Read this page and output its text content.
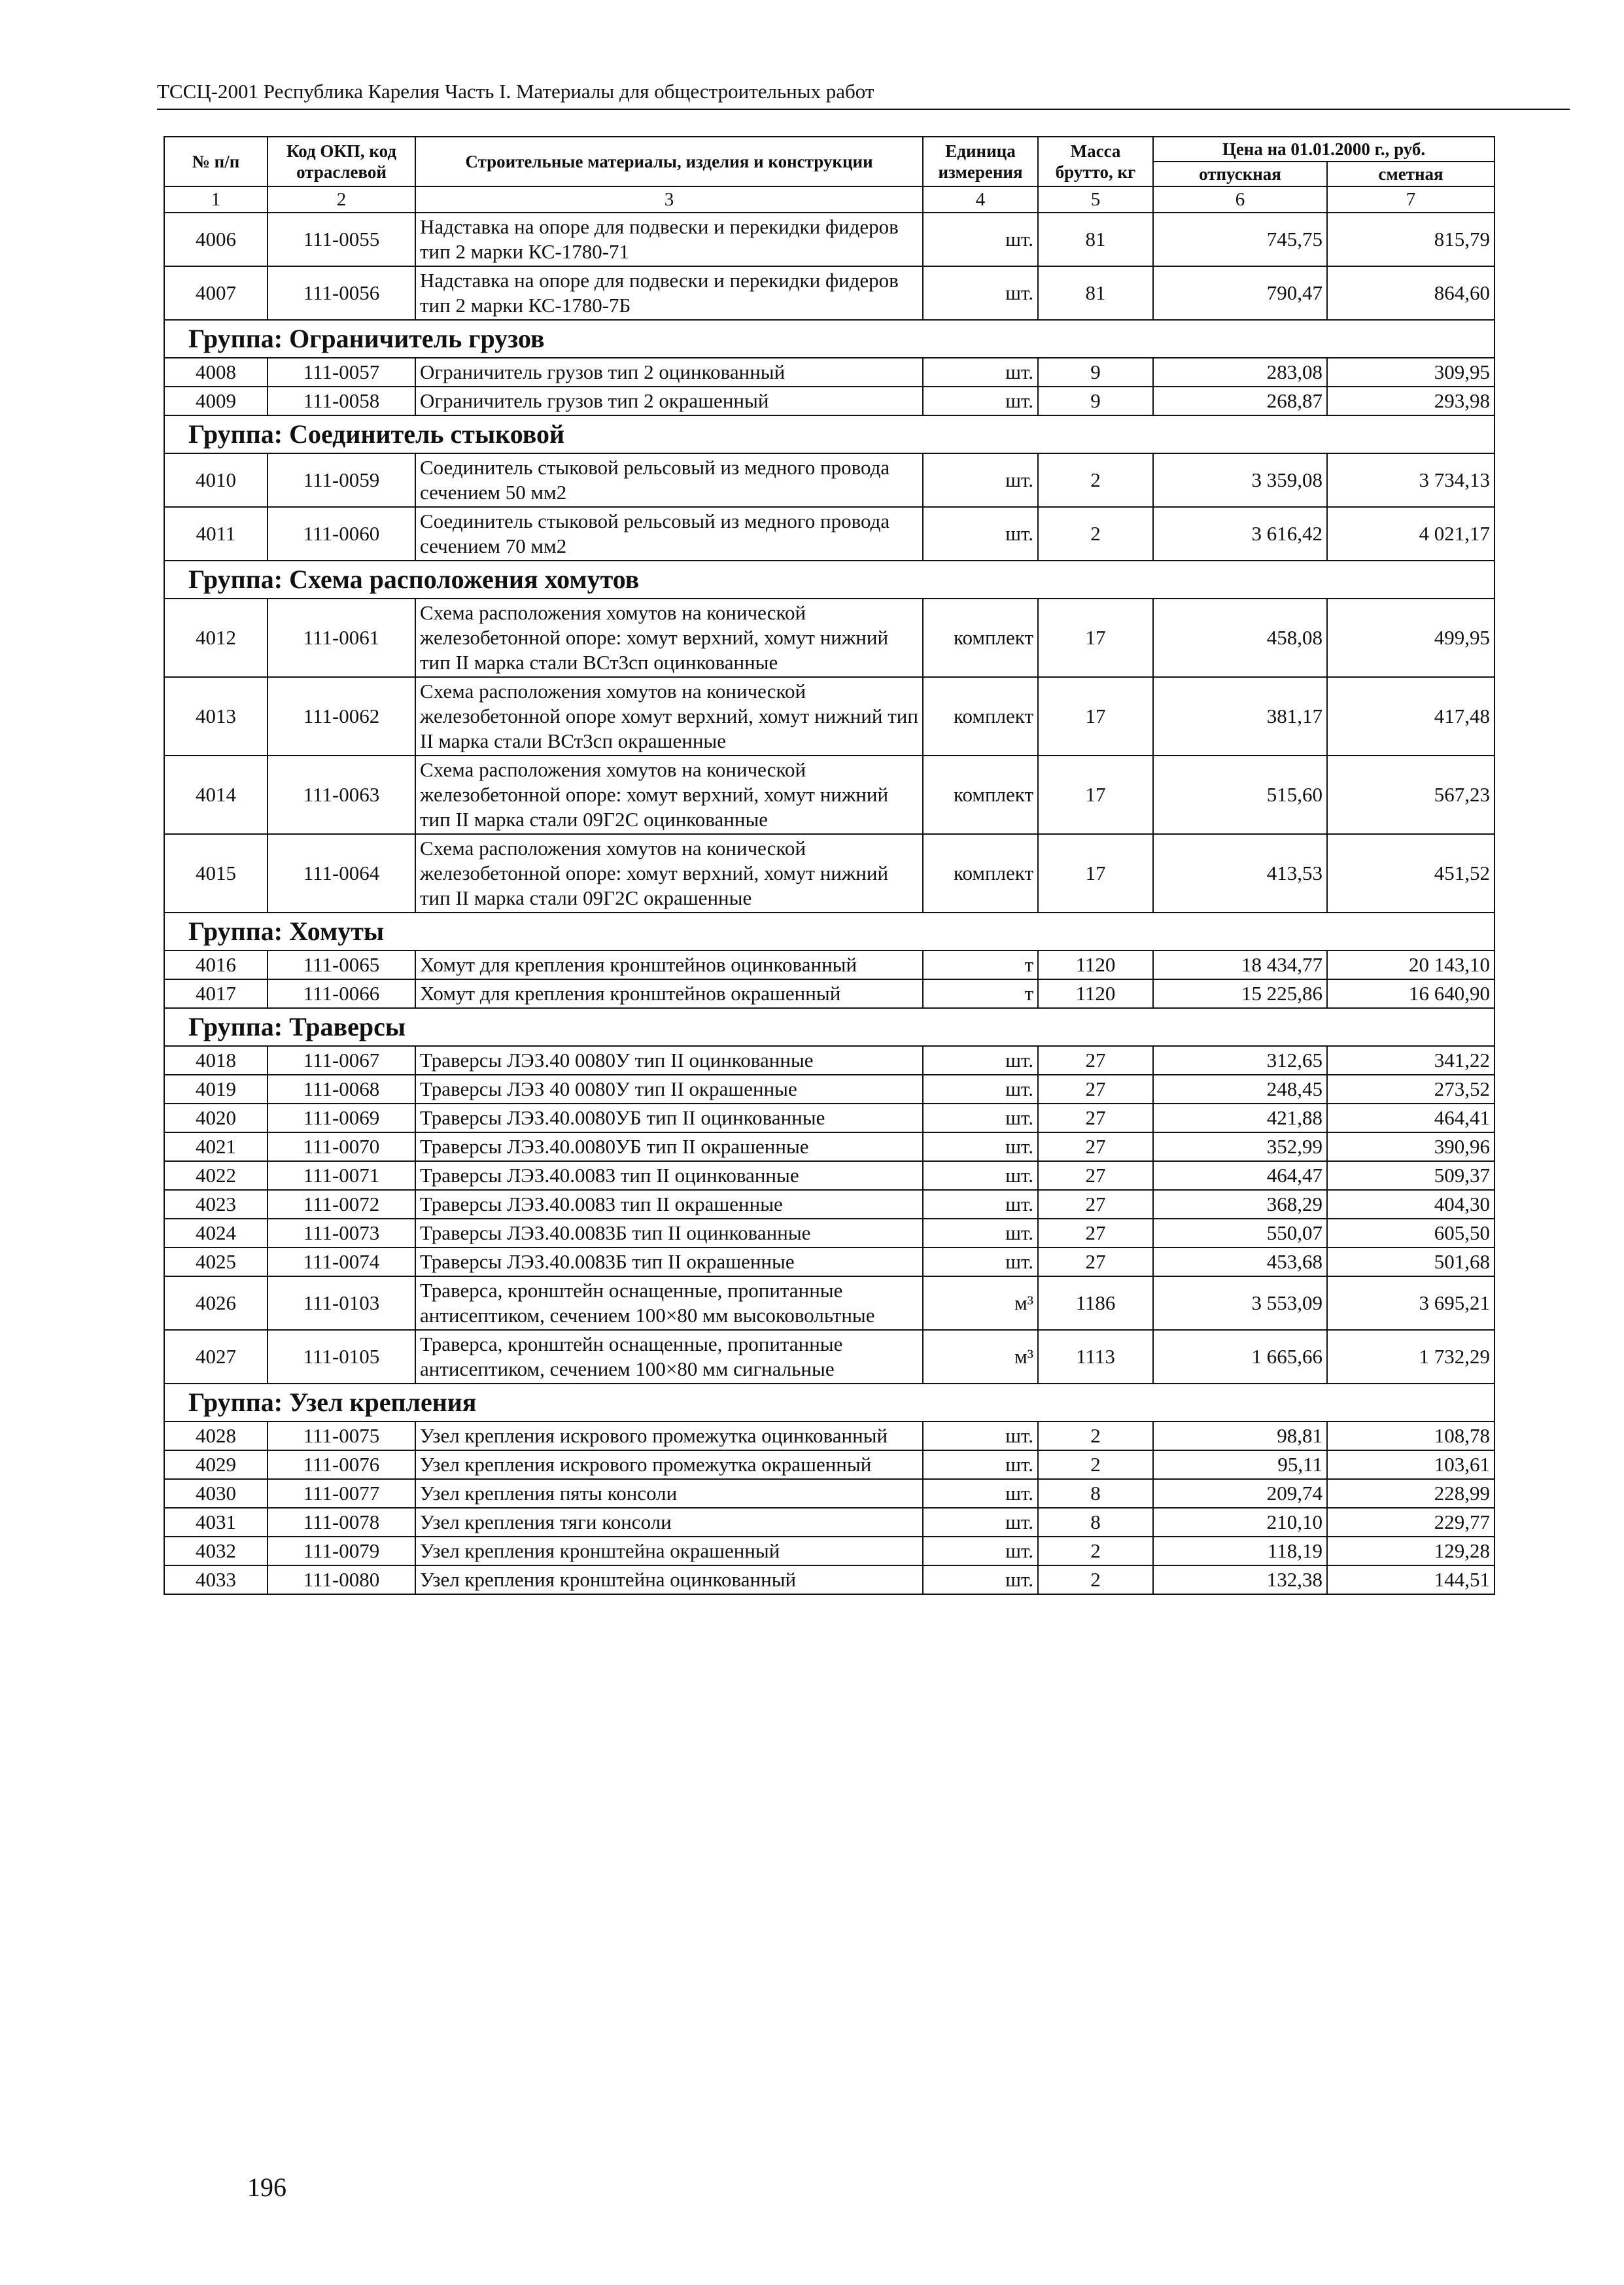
ТССЦ-2001 Республика Карелия Часть I. Материалы для общестроительных работ
№ п/п	Код ОКП, код отраслевой	Строительные материалы, изделия и конструкции	Единица измерения	Масса брутто, кг	Цена на 01.01.2000 г., руб.	
					отпускная	сметная
1	2	3	4	5	6	7
4006	111-0055	Надставка на опоре для подвески и перекидки фидеров тип 2 марки КС-1780-71	шт.	81	745,75	815,79
4007	111-0056	Надставка на опоре для подвески и перекидки фидеров тип 2 марки КС-1780-7Б	шт.	81	790,47	864,60
Группа: Ограничитель грузов						
4008	111-0057	Ограничитель грузов тип 2 оцинкованный	шт.	9	283,08	309,95
4009	111-0058	Ограничитель грузов тип 2 окрашенный	шт.	9	268,87	293,98
Группа: Соединитель стыковой						
4010	111-0059	Соединитель стыковой рельсовый из медного провода сечением 50 мм2	шт.	2	3 359,08	3 734,13
4011	111-0060	Соединитель стыковой рельсовый из медного провода сечением 70 мм2	шт.	2	3 616,42	4 021,17
Группа: Схема расположения хомутов						
4012	111-0061	Схема расположения хомутов на конической железобетонной опоре: хомут верхний, хомут нижний тип II марка стали ВСт3сп оцинкованные	комплект	17	458,08	499,95
4013	111-0062	Схема расположения хомутов на конической железобетонной опоре хомут верхний, хомут нижний тип II марка стали ВСт3сп окрашенные	комплект	17	381,17	417,48
4014	111-0063	Схема расположения хомутов на конической железобетонной опоре: хомут верхний, хомут нижний тип II марка стали 09Г2С оцинкованные	комплект	17	515,60	567,23
4015	111-0064	Схема расположения хомутов на конической железобетонной опоре: хомут верхний, хомут нижний тип II марка стали 09Г2С окрашенные	комплект	17	413,53	451,52
Группа: Хомуты						
4016	111-0065	Хомут для крепления кронштейнов оцинкованный	т	1120	18 434,77	20 143,10
4017	111-0066	Хомут для крепления кронштейнов окрашенный	т	1120	15 225,86	16 640,90
Группа: Траверсы						
4018	111-0067	Траверсы ЛЭЗ.40 0080У тип II оцинкованные	шт.	27	312,65	341,22
4019	111-0068	Траверсы ЛЭЗ 40 0080У тип II окрашенные	шт.	27	248,45	273,52
4020	111-0069	Траверсы ЛЭЗ.40.0080УБ тип II оцинкованные	шт.	27	421,88	464,41
4021	111-0070	Траверсы ЛЭЗ.40.0080УБ тип II окрашенные	шт.	27	352,99	390,96
4022	111-0071	Траверсы ЛЭЗ.40.0083 тип II оцинкованные	шт.	27	464,47	509,37
4023	111-0072	Траверсы ЛЭЗ.40.0083 тип II окрашенные	шт.	27	368,29	404,30
4024	111-0073	Траверсы ЛЭЗ.40.0083Б тип II оцинкованные	шт.	27	550,07	605,50
4025	111-0074	Траверсы ЛЭЗ.40.0083Б тип II окрашенные	шт.	27	453,68	501,68
4026	111-0103	Траверса, кронштейн оснащенные, пропитанные антисептиком, сечением 100×80 мм высоковольтные	м³	1186	3 553,09	3 695,21
4027	111-0105	Траверса, кронштейн оснащенные, пропитанные антисептиком, сечением 100×80 мм сигнальные	м³	1113	1 665,66	1 732,29
Группа: Узел крепления						
4028	111-0075	Узел крепления искрового промежутка оцинкованный	шт.	2	98,81	108,78
4029	111-0076	Узел крепления искрового промежутка окрашенный	шт.	2	95,11	103,61
4030	111-0077	Узел крепления пяты консоли	шт.	8	209,74	228,99
4031	111-0078	Узел крепления тяги консоли	шт.	8	210,10	229,77
4032	111-0079	Узел крепления кронштейна окрашенный	шт.	2	118,19	129,28
4033	111-0080	Узел крепления кронштейна оцинкованный	шт.	2	132,38	144,51
196
